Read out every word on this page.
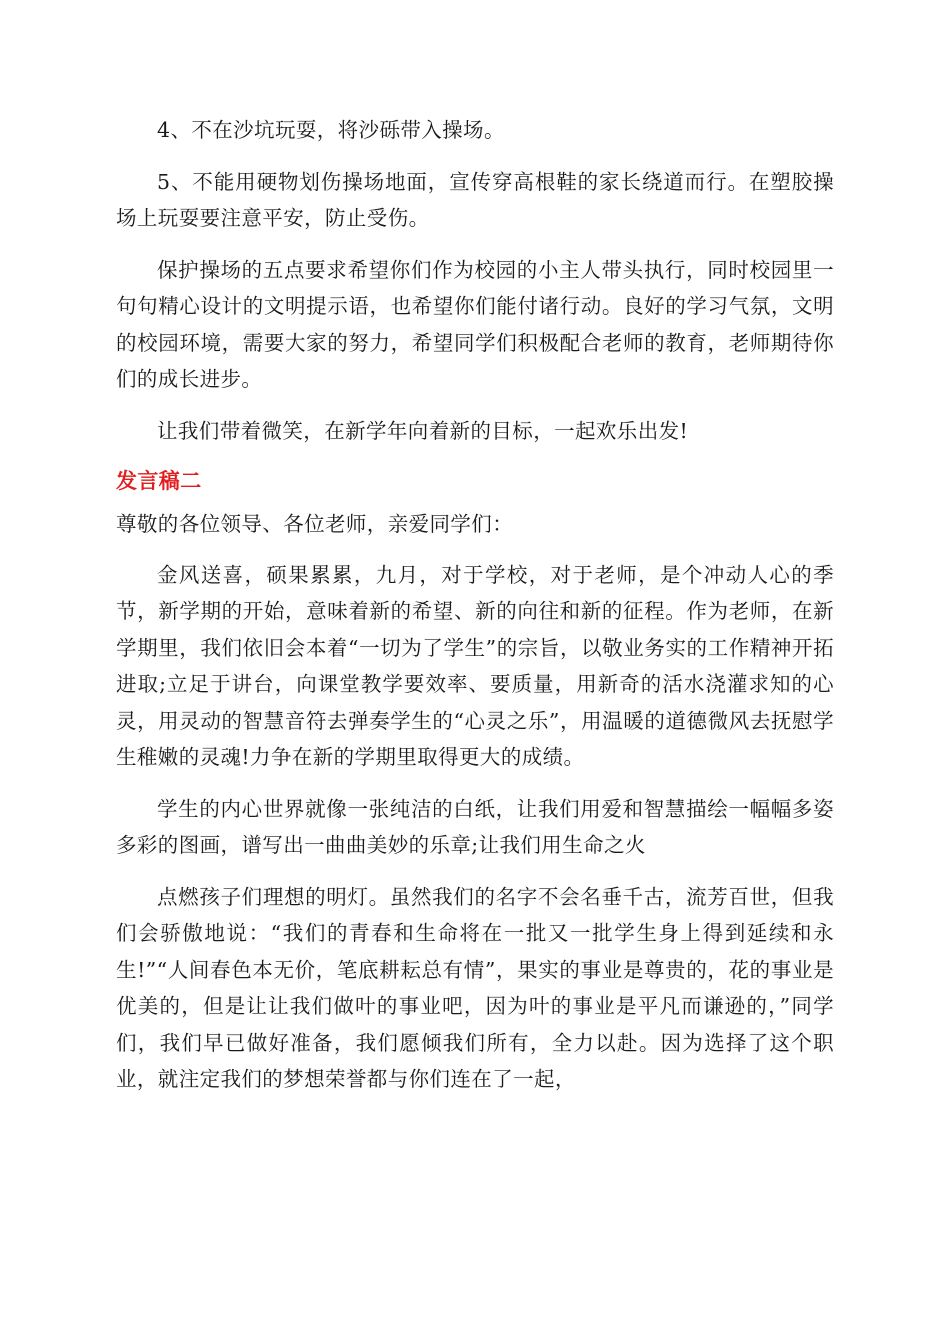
4、不在沙坑玩耍，将沙砾带入操场。

5、不能用硬物划伤操场地面，宣传穿高根鞋的家长绕道而行。在塑胶操场上玩耍要注意平安，防止受伤。

保护操场的五点要求希望你们作为校园的小主人带头执行，同时校园里一句句精心设计的文明提示语，也希望你们能付诸行动。良好的学习气氛，文明的校园环境，需要大家的努力，希望同学们积极配合老师的教育，老师期待你们的成长进步。

让我们带着微笑，在新学年向着新的目标，一起欢乐出发!

发言稿二

尊敬的各位领导、各位老师，亲爱同学们：

金风送喜，硕果累累，九月，对于学校，对于老师，是个冲动人心的季节，新学期的开始，意味着新的希望、新的向往和新的征程。作为老师，在新学期里，我们依旧会本着“一切为了学生”的宗旨，以敬业务实的工作精神开拓进取;立足于讲台，向课堂教学要效率、要质量，用新奇的活水浇灌求知的心灵，用灵动的智慧音符去弹奏学生的“心灵之乐”，用温暖的道德微风去抚慰学生稚嫩的灵魂!力争在新的学期里取得更大的成绩。

学生的内心世界就像一张纯洁的白纸，让我们用爱和智慧描绘一幅幅多姿多彩的图画，谱写出一曲曲美妙的乐章;让我们用生命之火

点燃孩子们理想的明灯。虽然我们的名字不会名垂千古，流芳百世，但我们会骄傲地说：“我们的青春和生命将在一批又一批学生身上得到延续和永生!”“人间春色本无价，笔底耕耘总有情”，果实的事业是尊贵的，花的事业是优美的，但是让让我们做叶的事业吧，因为叶的事业是平凡而谦逊的，”同学们，我们早已做好准备，我们愿倾我们所有，全力以赴。因为选择了这个职业，就注定我们的梦想荣誉都与你们连在了一起，
